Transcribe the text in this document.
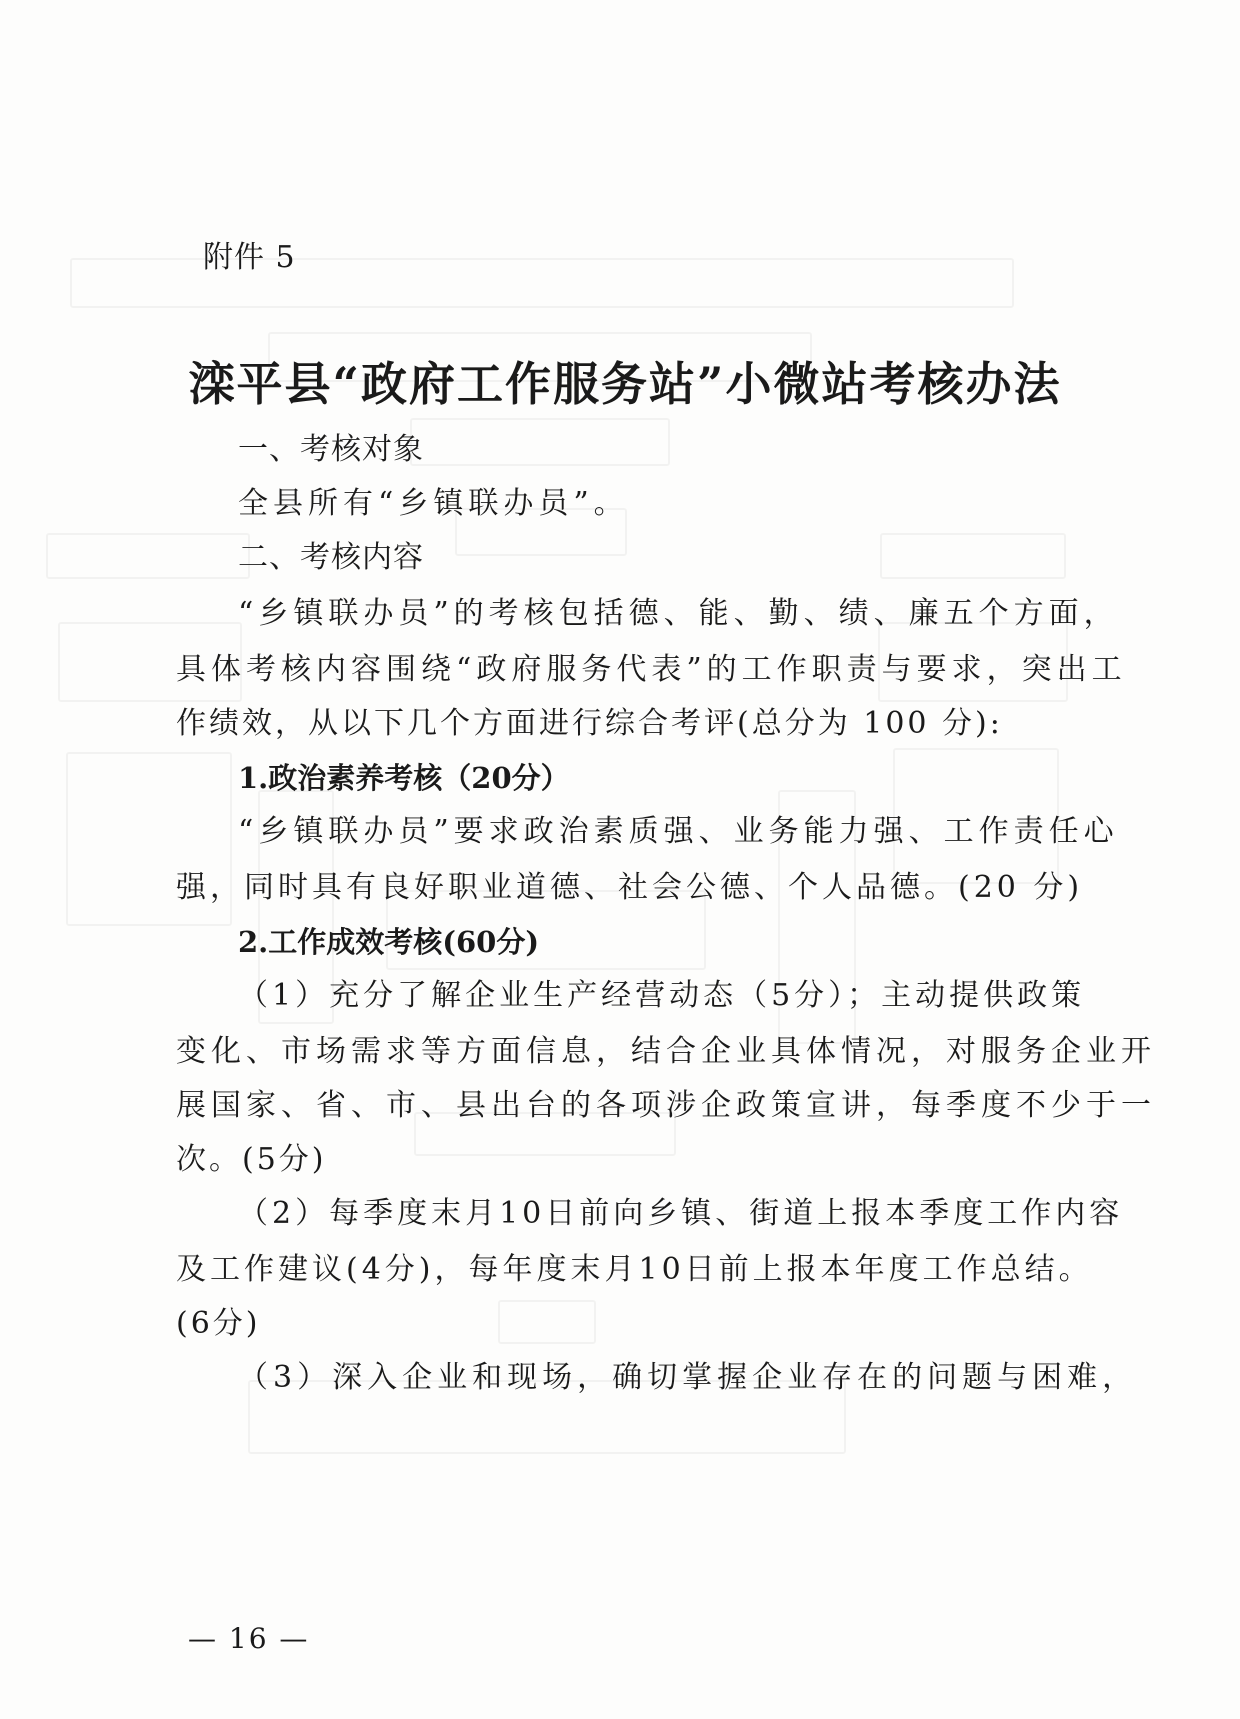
附件 5
滦平县“政府工作服务站”小微站考核办法
一、考核对象
全县所有“乡镇联办员”。
二、考核内容
“乡镇联办员”的考核包括德、能、勤、绩、廉五个方面，
具体考核内容围绕“政府服务代表”的工作职责与要求，突出工
作绩效，从以下几个方面进行综合考评(总分为 100 分):
1.政治素养考核（20分）
“乡镇联办员”要求政治素质强、业务能力强、工作责任心
强，同时具有良好职业道德、社会公德、个人品德。(20 分)
2.工作成效考核(60分)
（1）充分了解企业生产经营动态（5分）；主动提供政策
变化、市场需求等方面信息，结合企业具体情况，对服务企业开
展国家、省、市、县出台的各项涉企政策宣讲，每季度不少于一
次。(5分)
（2）每季度末月10日前向乡镇、街道上报本季度工作内容
及工作建议(4分)，每年度末月10日前上报本年度工作总结。
(6分)
（3）深入企业和现场，确切掌握企业存在的问题与困难，
— 16 —
